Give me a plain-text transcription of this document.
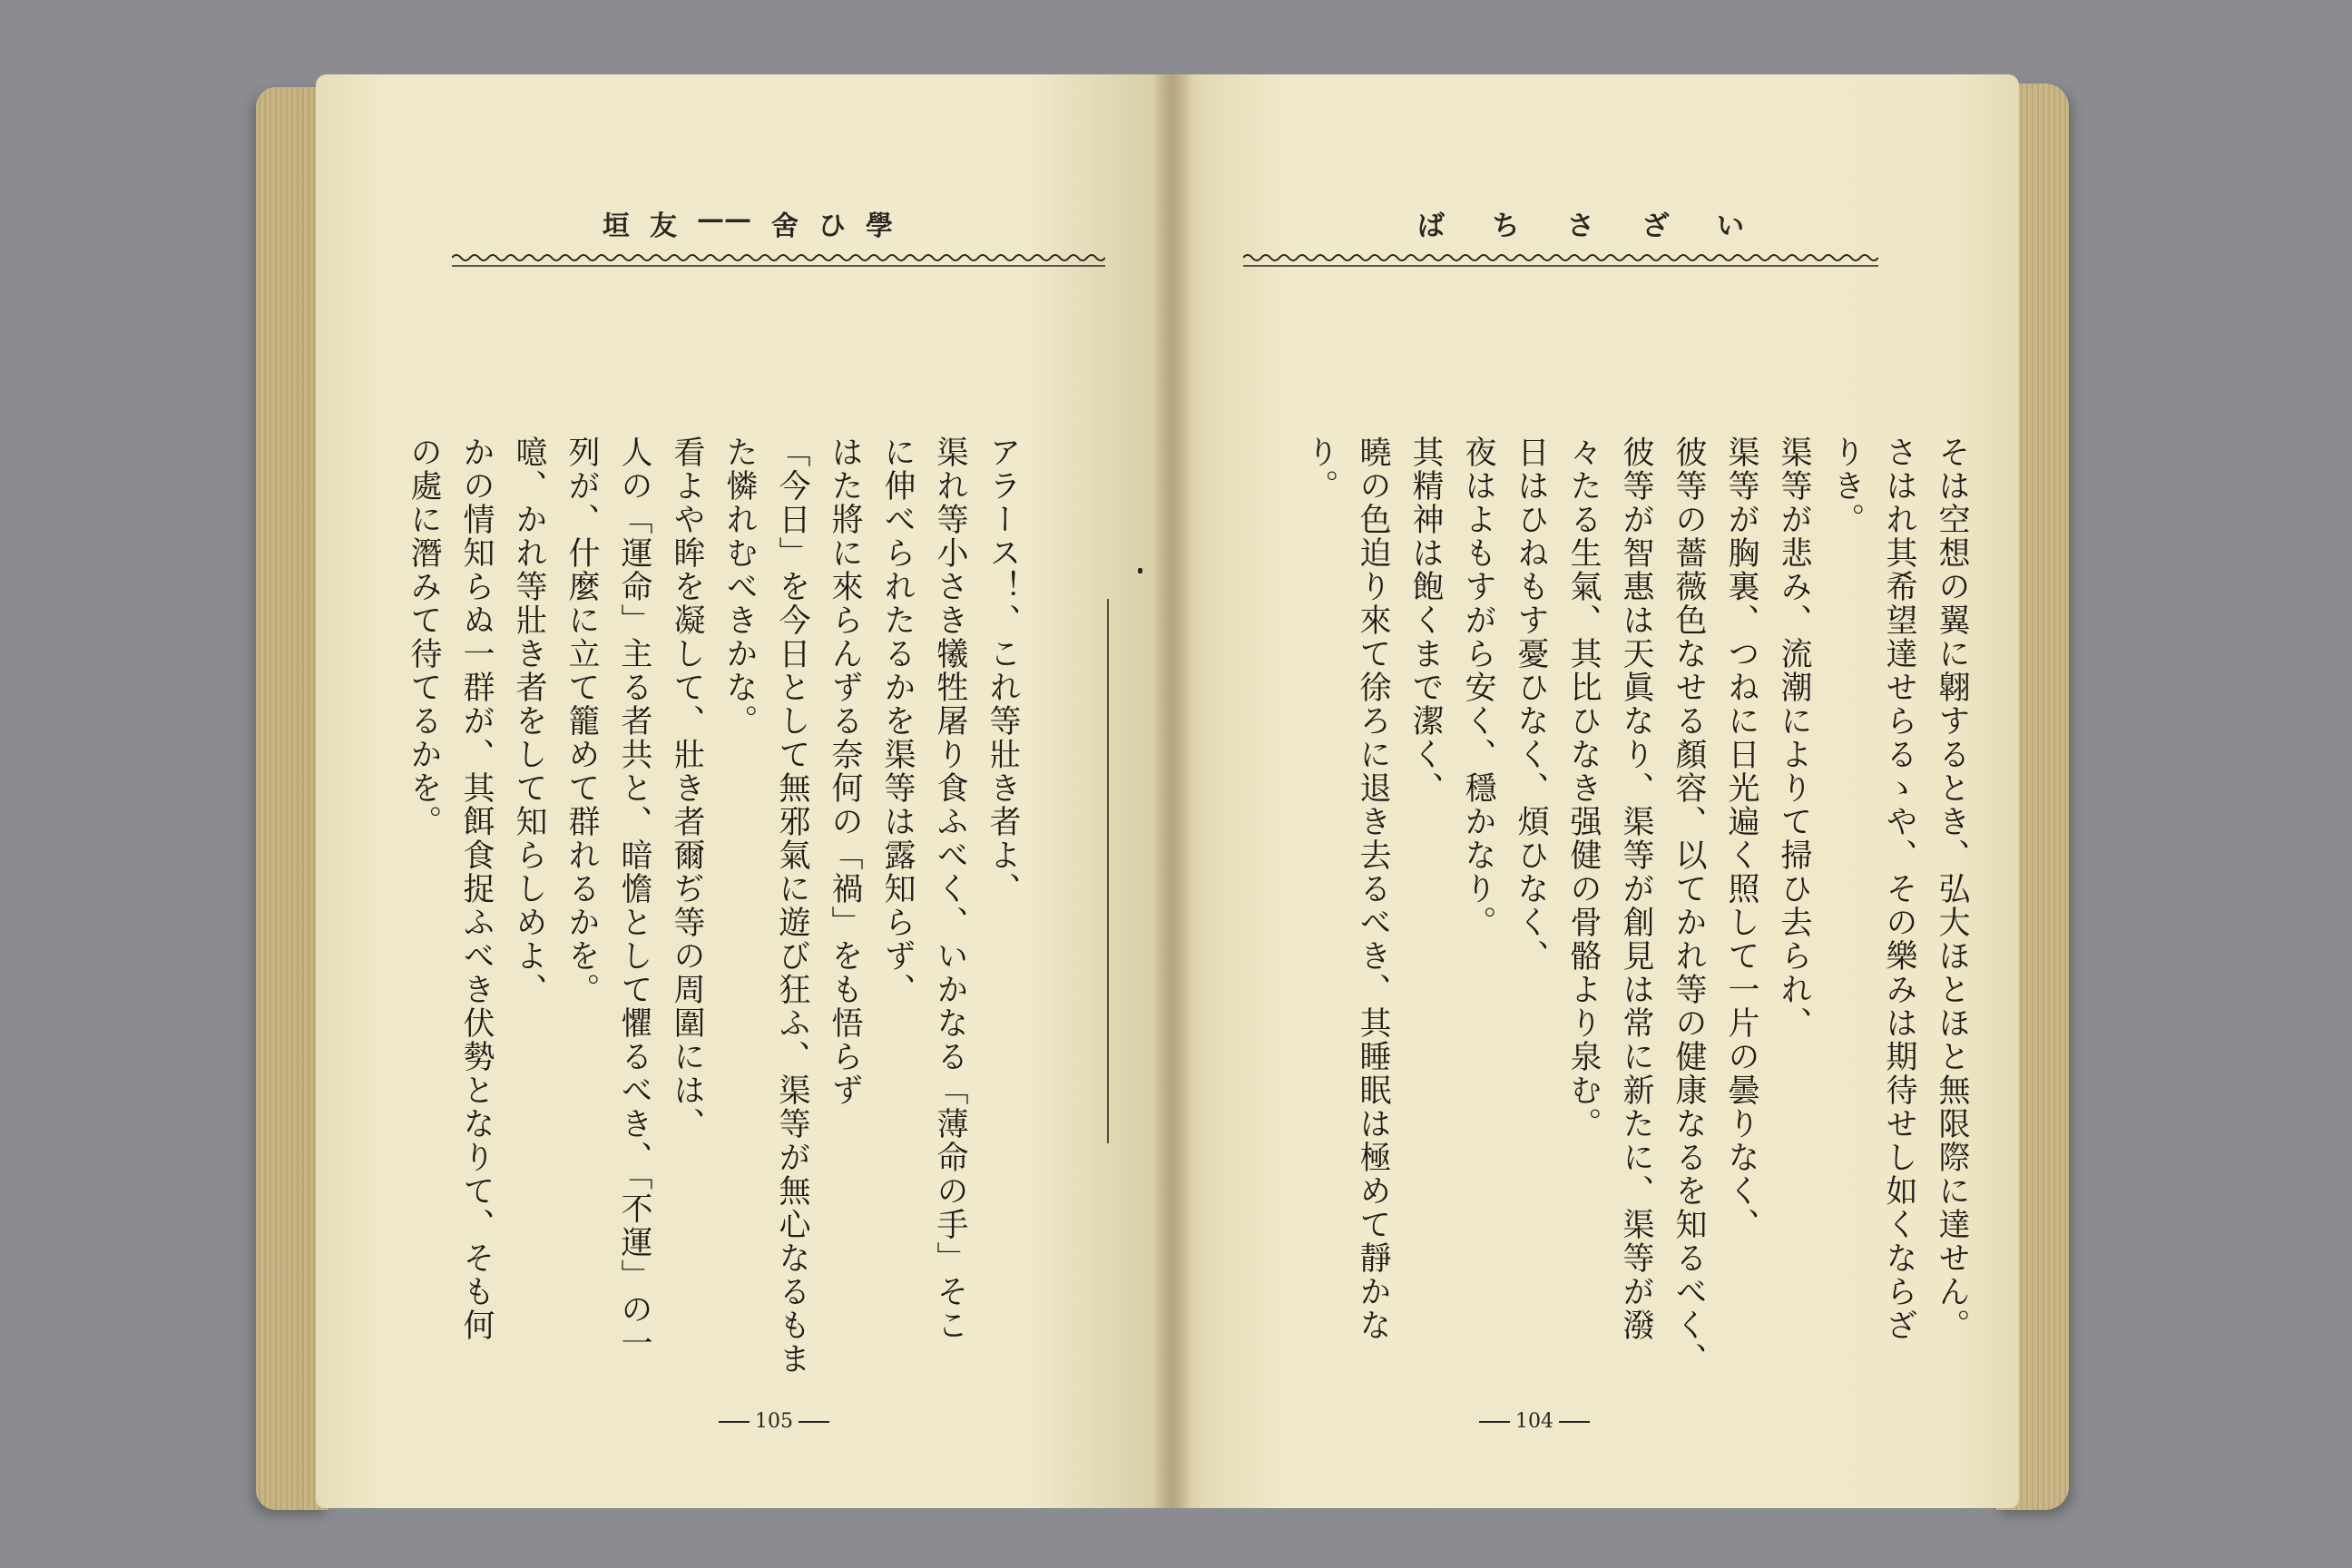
垣 友 —— 舍 ひ 學

アラース！、これ等壯き者よ、

渠れ等小さき犧牲屠り食ふべく、いかなる「薄命の手」そこ

に伸べられたるかを渠等は露知らず、

はた將に來らんずる奈何の「禍」をも悟らず

「今日」を今日として無邪氣に遊び狂ふ、渠等が無心なるもま

た憐れむべきかな。

看よや眸を凝して、壯き者爾ぢ等の周圍には、

人の「運命」主る者共と、暗憺として懼るべき、「不運」の一

列が、什麼に立て籠めて群れるかを。

噫、かれ等壯き者をして知らしめよ、

かの情知らぬ一群が、其餌食捉ふべき伏勢となりて、そも何

の處に潛みて待てるかを。

105
ば ち さ ざ い

そは空想の翼に翺するとき、弘大ほとほと無限際に達せん。

さはれ其希望達せらるゝや、その樂みは期待せし如くならざ

りき。

渠等が悲み、流潮によりて掃ひ去られ、

渠等が胸裏、つねに日光遍く照して一片の曇りなく、

彼等の薔薇色なせる顏容、以てかれ等の健康なるを知るべく、

彼等が智惠は天眞なり、渠等が創見は常に新たに、渠等が潑

々たる生氣、其比ひなき强健の骨骼より泉む。

日はひねもす憂ひなく、煩ひなく、

夜はよもすがら安く、穩かなり。

其精神は飽くまで潔く、

曉の色迫り來て徐ろに退き去るべき、其睡眠は極めて靜かな

り。

104
